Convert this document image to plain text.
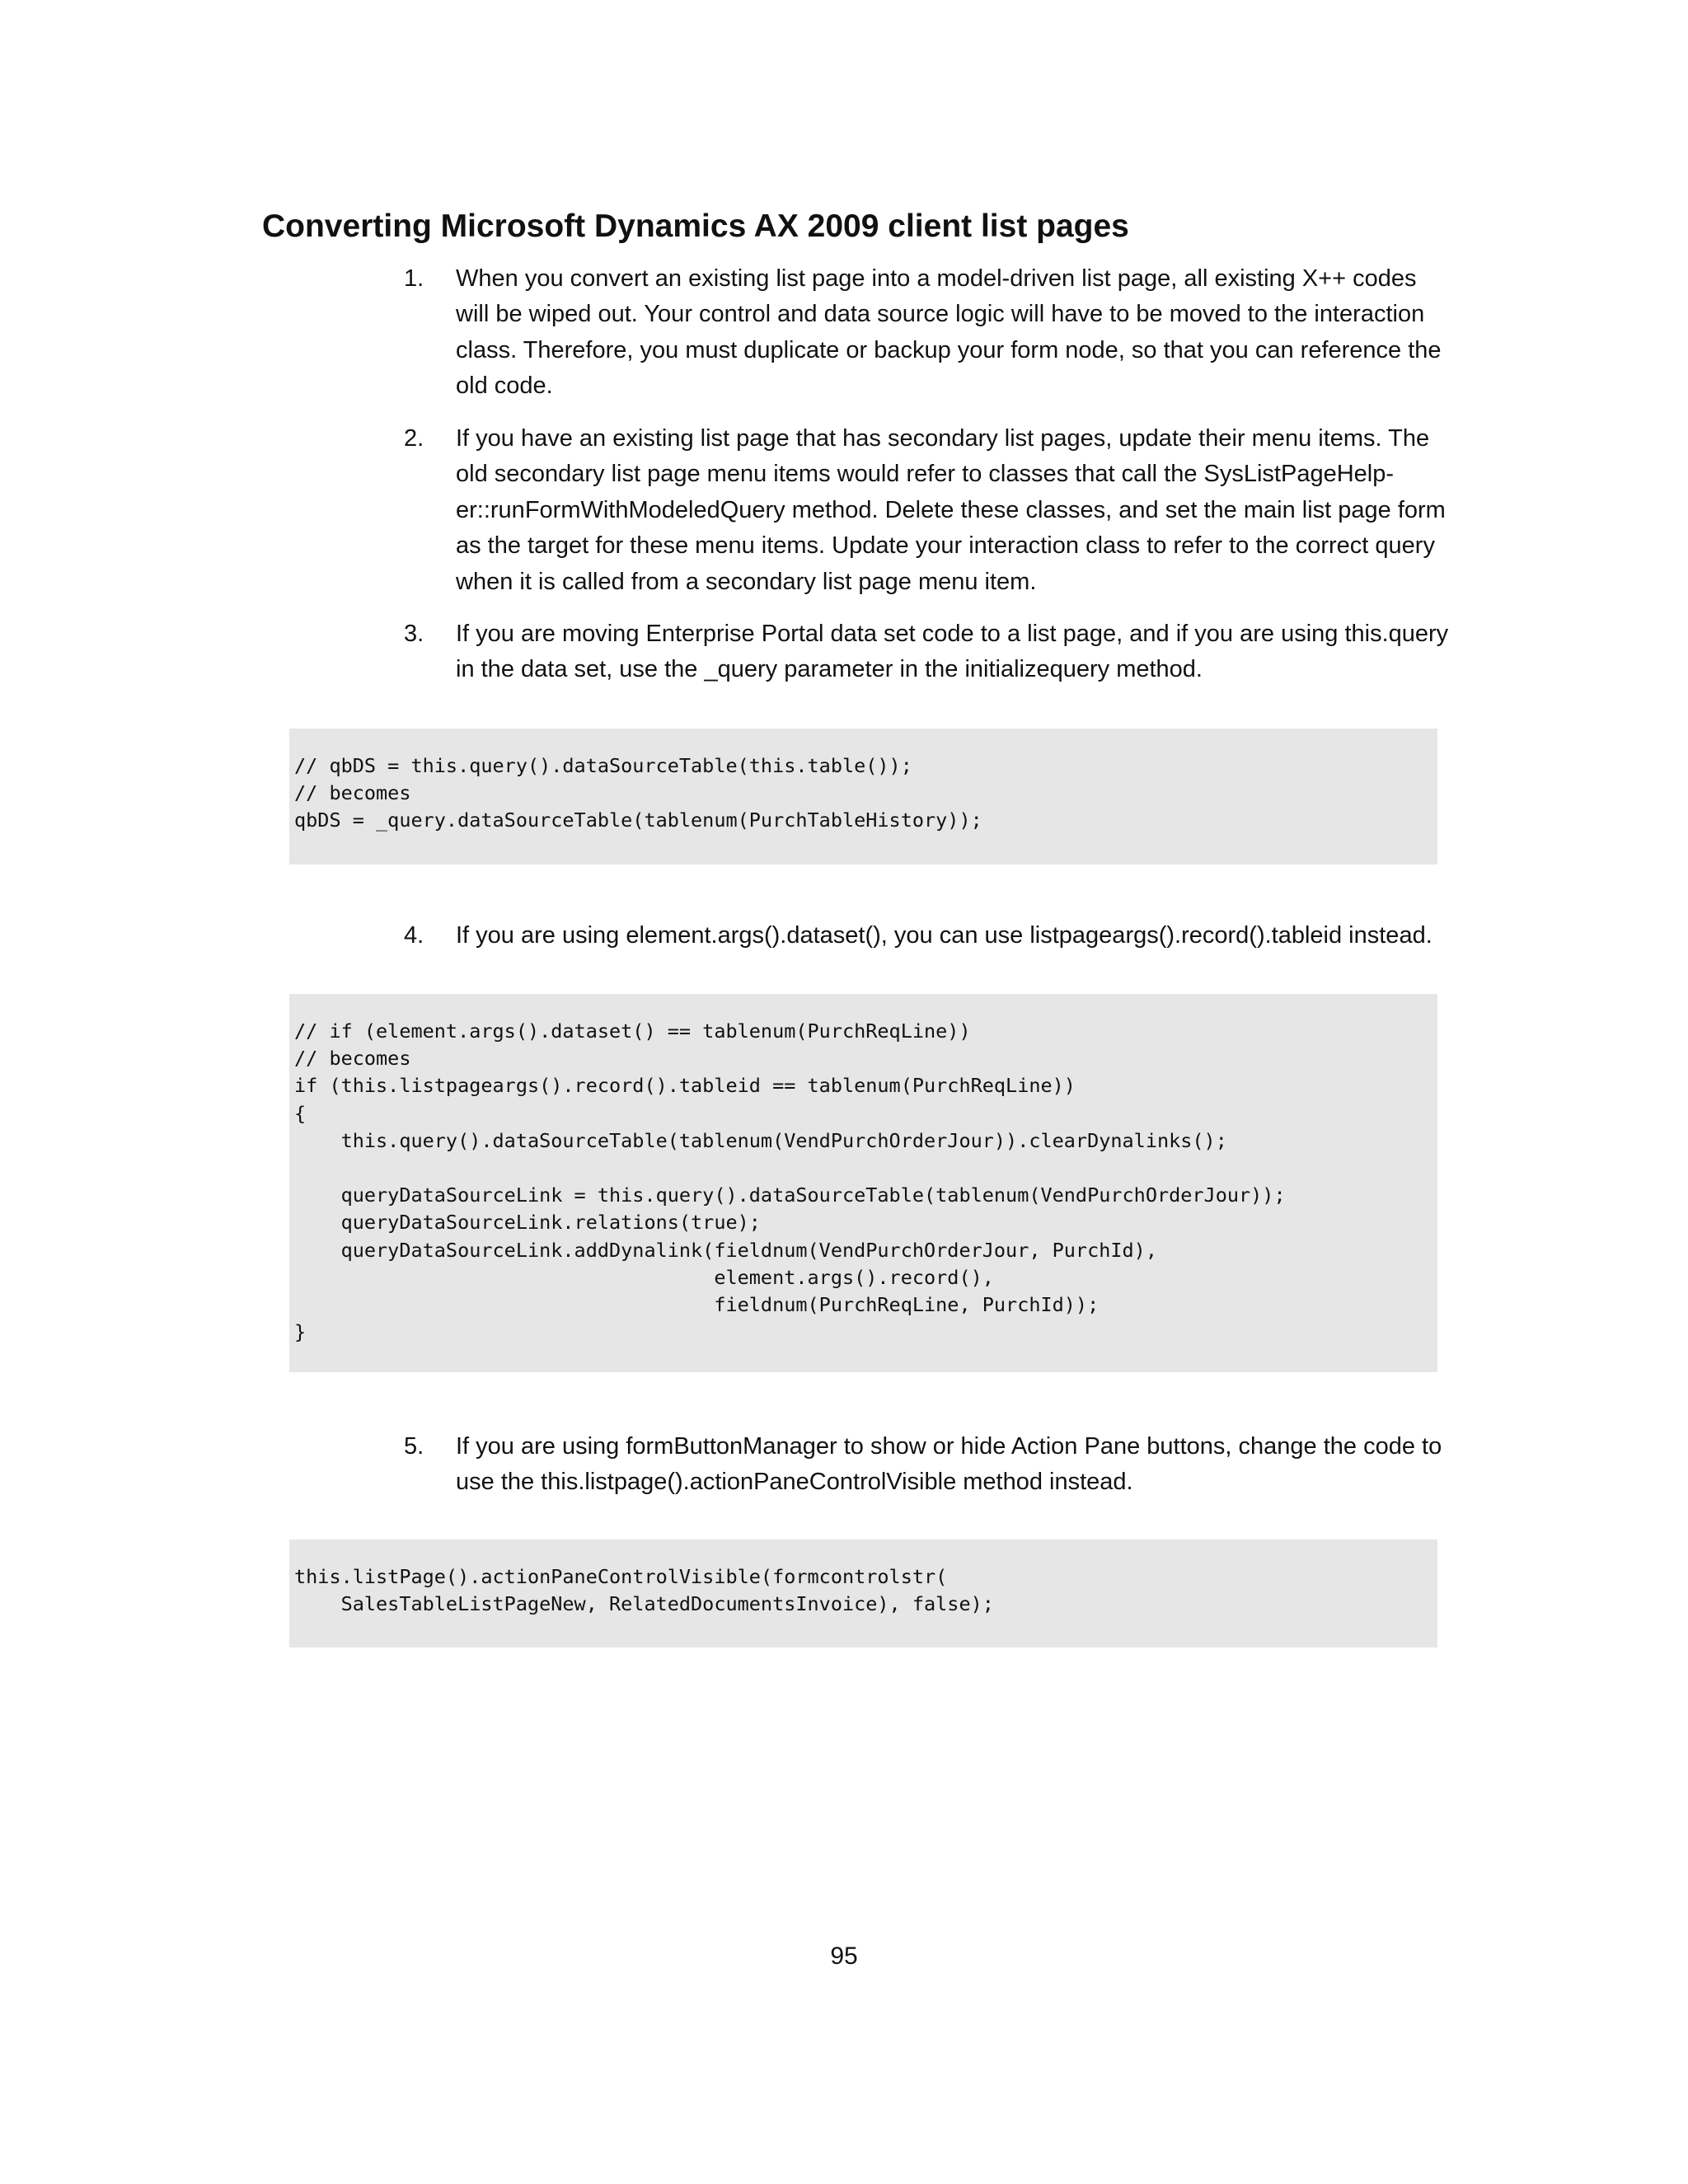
Converting Microsoft Dynamics AX 2009 client list pages
1.	When you convert an existing list page into a model-driven list page, all existing X++ codes
will be wiped out. Your control and data source logic will have to be moved to the interaction
class. Therefore, you must duplicate or backup your form node, so that you can reference the
old code.
2.	If you have an existing list page that has secondary list pages, update their menu items. The
old secondary list page menu items would refer to classes that call the SysListPageHelp-
er::runFormWithModeledQuery method. Delete these classes, and set the main list page form
as the target for these menu items. Update your interaction class to refer to the correct query
when it is called from a secondary list page menu item.
3.	If you are moving Enterprise Portal data set code to a list page, and if you are using this.query
in the data set, use the _query parameter in the initializequery method.
// qbDS = this.query().dataSourceTable(this.table());
// becomes
qbDS = _query.dataSourceTable(tablenum(PurchTableHistory));
4.	If you are using element.args().dataset(), you can use listpageargs().record().tableid instead.
// if (element.args().dataset() == tablenum(PurchReqLine))
// becomes
if (this.listpageargs().record().tableid == tablenum(PurchReqLine))
{
this.query().dataSourceTable(tablenum(VendPurchOrderJour)).clearDynalinks();

queryDataSourceLink = this.query().dataSourceTable(tablenum(VendPurchOrderJour));
queryDataSourceLink.relations(true);
queryDataSourceLink.addDynalink(fieldnum(VendPurchOrderJour, PurchId),
element.args().record(),
fieldnum(PurchReqLine, PurchId));
}
5.	If you are using formButtonManager to show or hide Action Pane buttons, change the code to
use the this.listpage().actionPaneControlVisible method instead.
this.listPage().actionPaneControlVisible(formcontrolstr(
SalesTableListPageNew, RelatedDocumentsInvoice), false);
95
